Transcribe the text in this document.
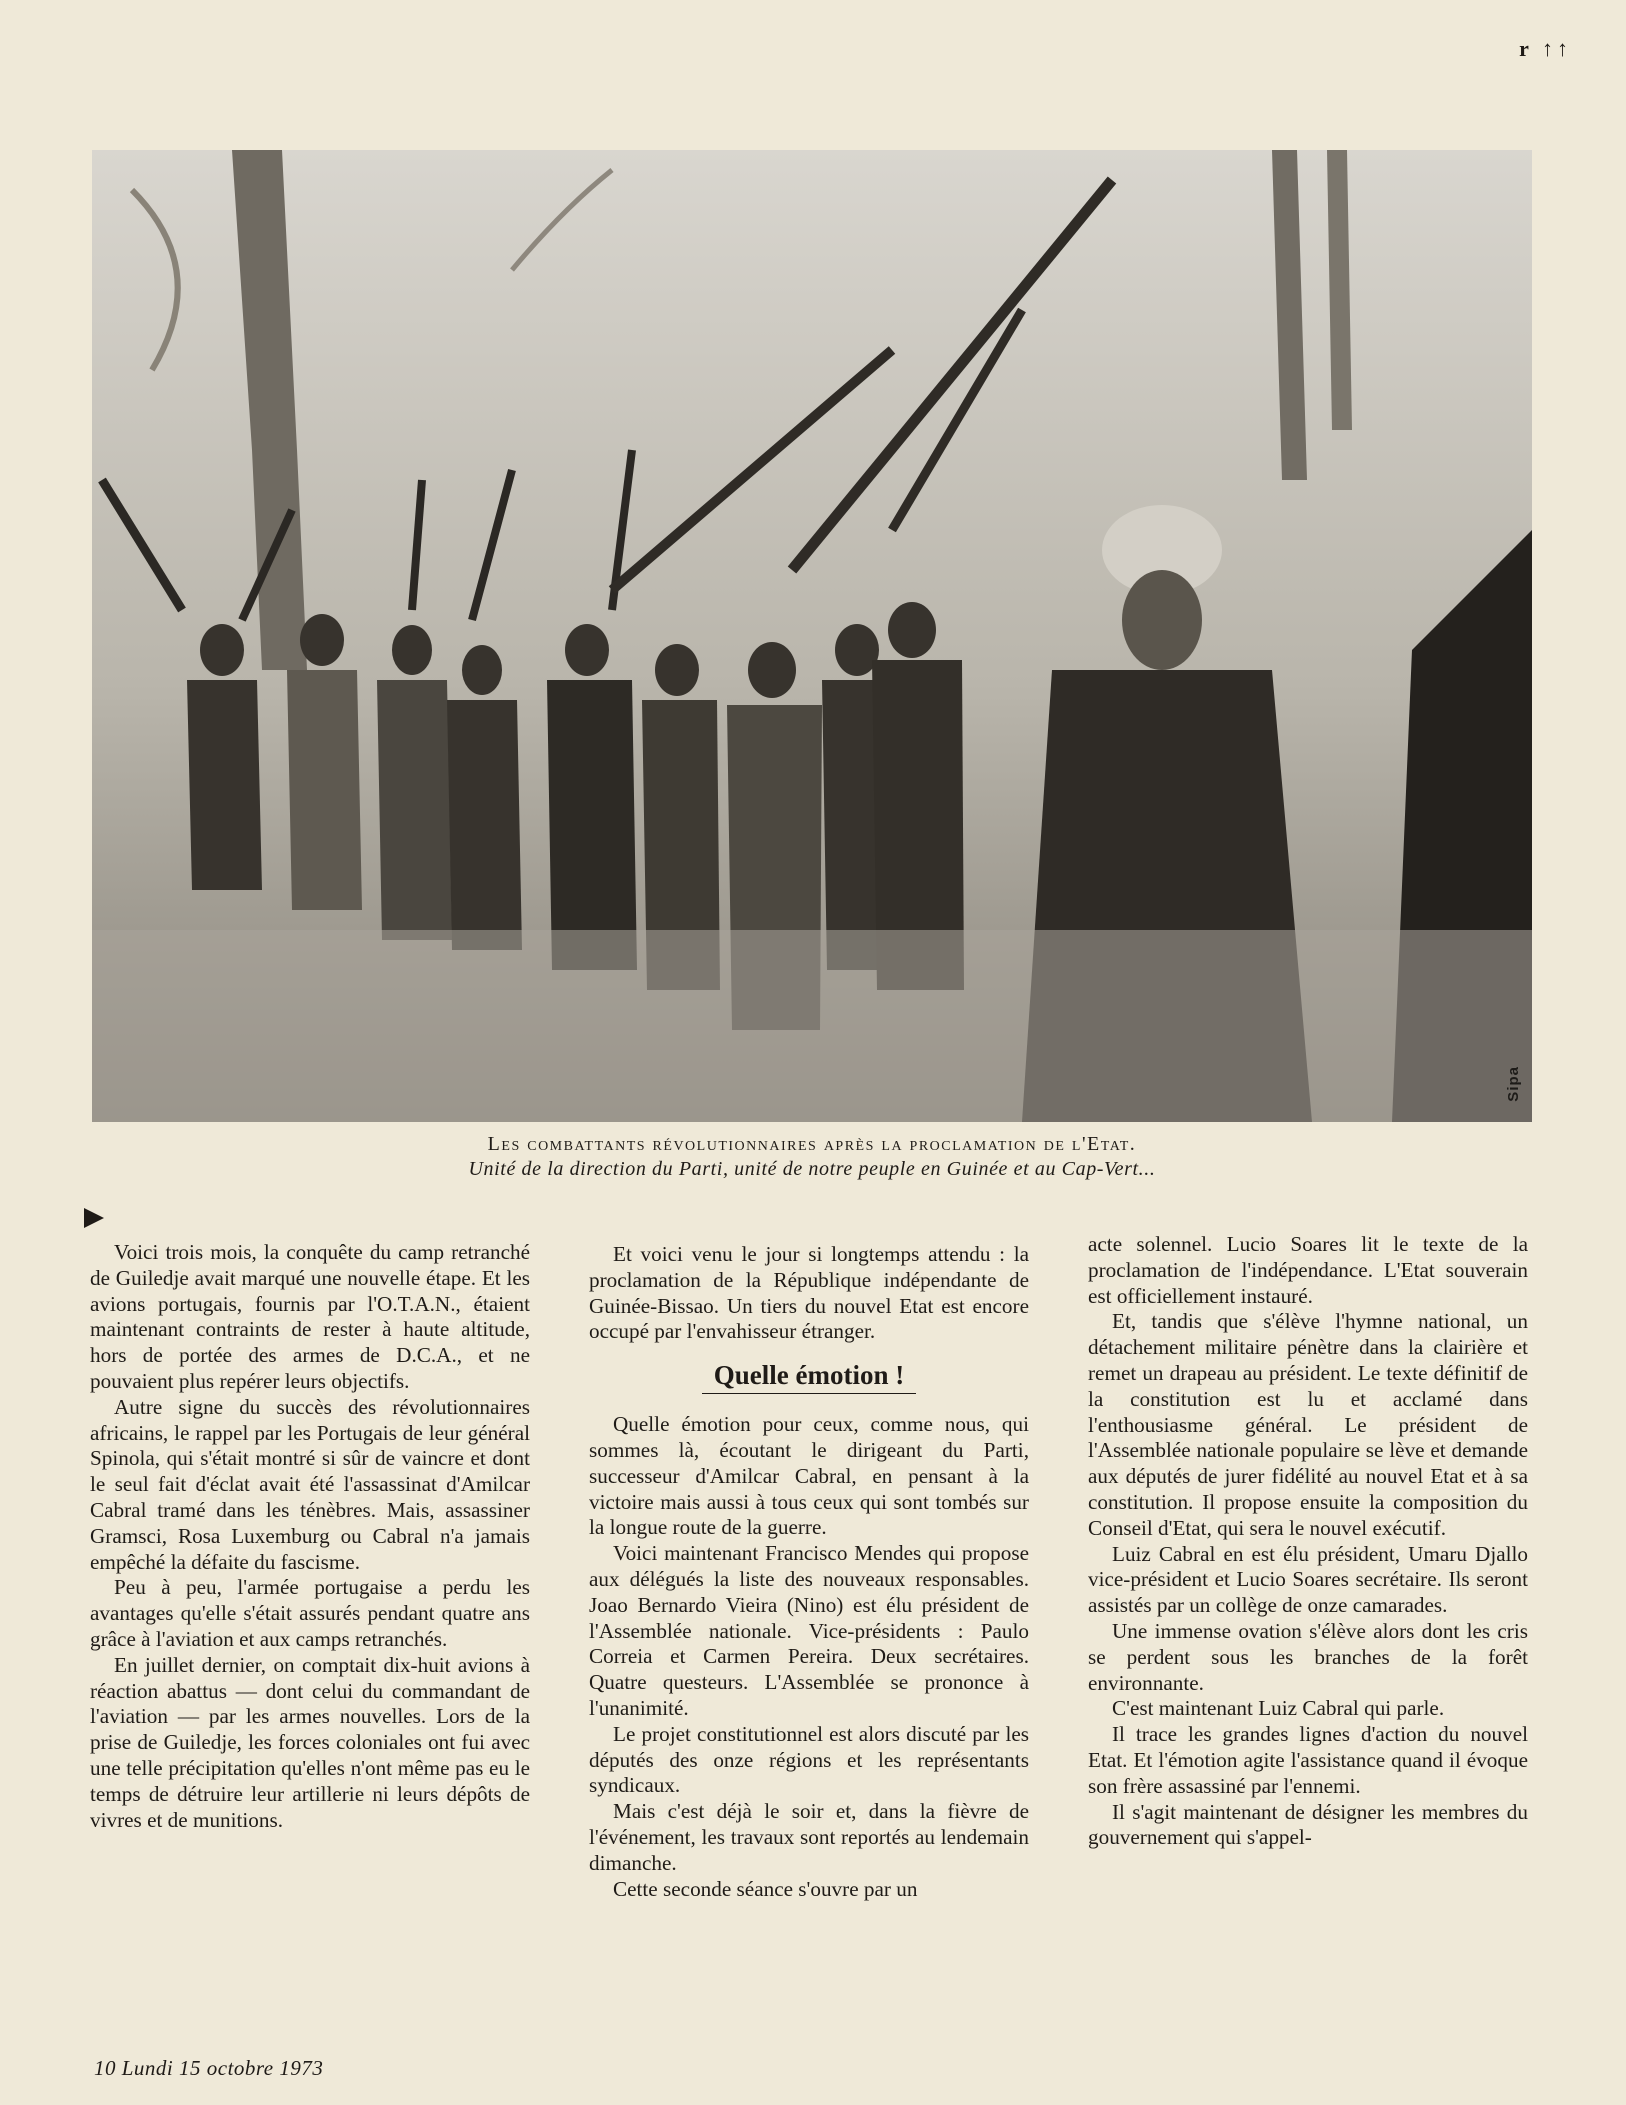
r ↑↑
Sipa
Les combattants révolutionnaires après la proclamation de l'Etat.
Unité de la direction du Parti, unité de notre peuple en Guinée et au Cap-Vert...

Voici trois mois, la conquête du camp retranché de Guiledje avait marqué une nouvelle étape. Et les avions portugais, fournis par l'O.T.A.N., étaient maintenant contraints de rester à haute altitude, hors de portée des armes de D.C.A., et ne pouvaient plus repérer leurs objectifs.

Autre signe du succès des révolutionnaires africains, le rappel par les Portugais de leur général Spinola, qui s'était montré si sûr de vaincre et dont le seul fait d'éclat avait été l'assassinat d'Amilcar Cabral tramé dans les ténèbres. Mais, assassiner Gramsci, Rosa Luxemburg ou Cabral n'a jamais empêché la défaite du fascisme.

Peu à peu, l'armée portugaise a perdu les avantages qu'elle s'était assurés pendant quatre ans grâce à l'aviation et aux camps retranchés.

En juillet dernier, on comptait dix-huit avions à réaction abattus — dont celui du commandant de l'aviation — par les armes nouvelles. Lors de la prise de Guiledje, les forces coloniales ont fui avec une telle précipitation qu'elles n'ont même pas eu le temps de détruire leur artillerie ni leurs dépôts de vivres et de munitions.

Et voici venu le jour si longtemps attendu : la proclamation de la République indépendante de Guinée-Bissao. Un tiers du nouvel Etat est encore occupé par l'envahisseur étranger.

Quelle émotion !

Quelle émotion pour ceux, comme nous, qui sommes là, écoutant le dirigeant du Parti, successeur d'Amilcar Cabral, en pensant à la victoire mais aussi à tous ceux qui sont tombés sur la longue route de la guerre.

Voici maintenant Francisco Mendes qui propose aux délégués la liste des nouveaux responsables. Joao Bernardo Vieira (Nino) est élu président de l'Assemblée nationale. Vice-présidents : Paulo Correia et Carmen Pereira. Deux secrétaires. Quatre questeurs. L'Assemblée se prononce à l'unanimité.

Le projet constitutionnel est alors discuté par les députés des onze régions et les représentants syndicaux.

Mais c'est déjà le soir et, dans la fièvre de l'événement, les travaux sont reportés au lendemain dimanche.

Cette seconde séance s'ouvre par un

acte solennel. Lucio Soares lit le texte de la proclamation de l'indépendance. L'Etat souverain est officiellement instauré.

Et, tandis que s'élève l'hymne national, un détachement militaire pénètre dans la clairière et remet un drapeau au président. Le texte définitif de la constitution est lu et acclamé dans l'enthousiasme général. Le président de l'Assemblée nationale populaire se lève et demande aux députés de jurer fidélité au nouvel Etat et à sa constitution. Il propose ensuite la composition du Conseil d'Etat, qui sera le nouvel exécutif.

Luiz Cabral en est élu président, Umaru Djallo vice-président et Lucio Soares secrétaire. Ils seront assistés par un collège de onze camarades.

Une immense ovation s'élève alors dont les cris se perdent sous les branches de la forêt environnante.

C'est maintenant Luiz Cabral qui parle.

Il trace les grandes lignes d'action du nouvel Etat. Et l'émotion agite l'assistance quand il évoque son frère assassiné par l'ennemi.

Il s'agit maintenant de désigner les membres du gouvernement qui s'appel-

10 Lundi 15 octobre 1973
